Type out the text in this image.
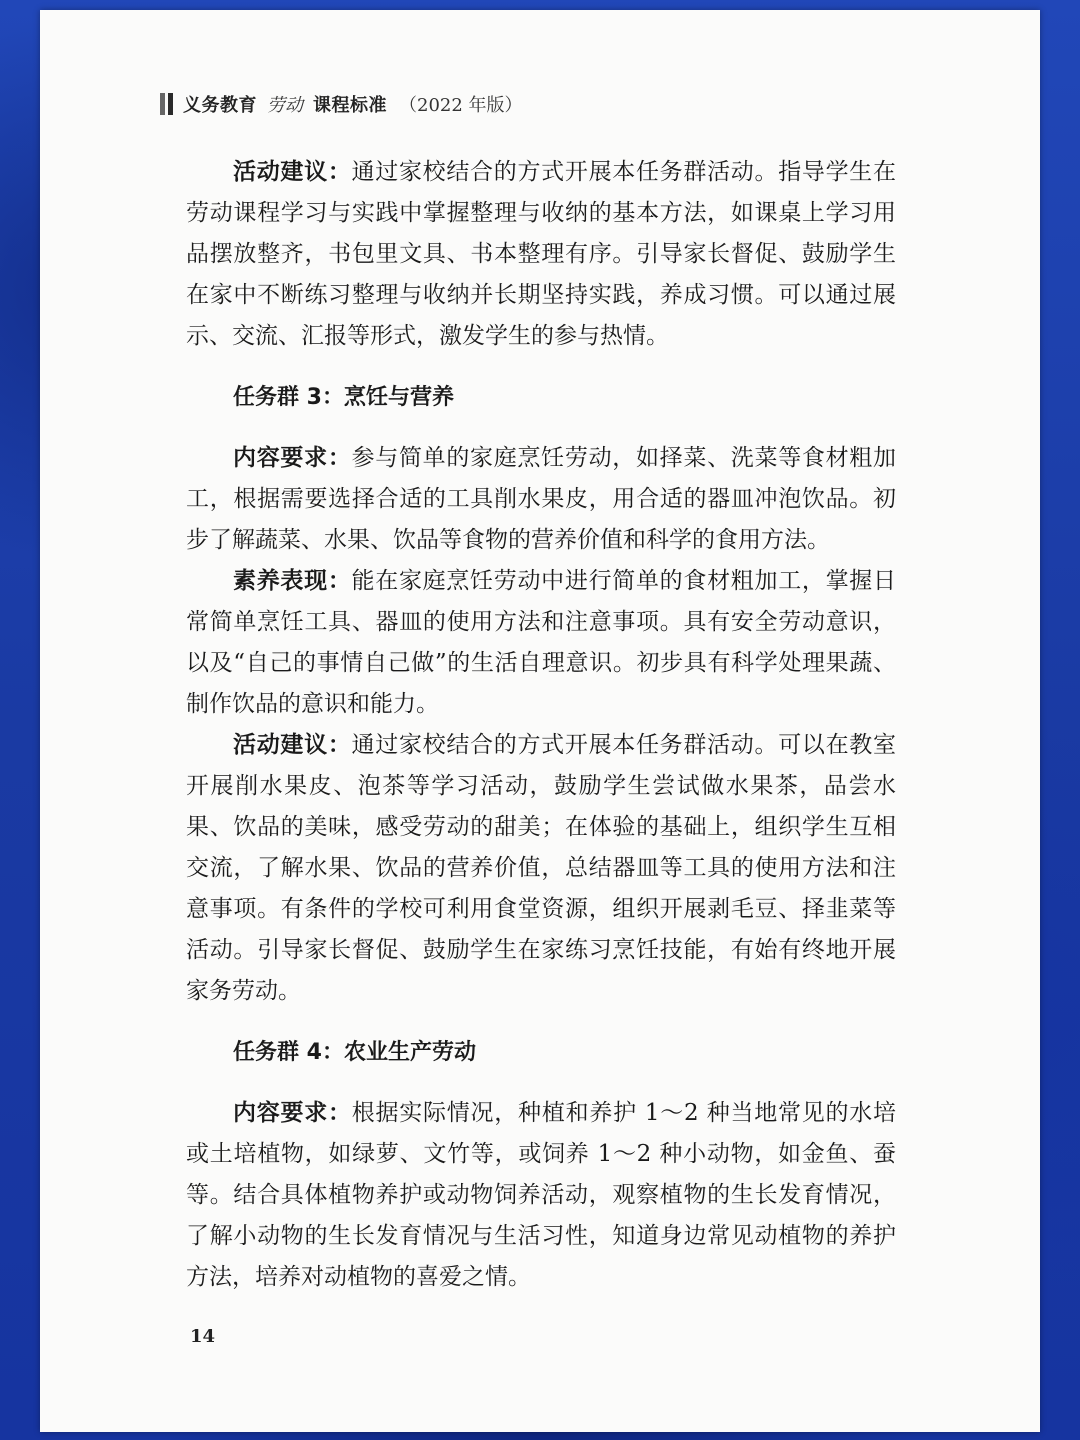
义务教育 劳动 课程标准 （2022 年版）

活动建议：通过家校结合的方式开展本任务群活动。指导学生在劳动课程学习与实践中掌握整理与收纳的基本方法，如课桌上学习用品摆放整齐，书包里文具、书本整理有序。引导家长督促、鼓励学生在家中不断练习整理与收纳并长期坚持实践，养成习惯。可以通过展示、交流、汇报等形式，激发学生的参与热情。

任务群 3：烹饪与营养

内容要求：参与简单的家庭烹饪劳动，如择菜、洗菜等食材粗加工，根据需要选择合适的工具削水果皮，用合适的器皿冲泡饮品。初步了解蔬菜、水果、饮品等食物的营养价值和科学的食用方法。

素养表现：能在家庭烹饪劳动中进行简单的食材粗加工，掌握日常简单烹饪工具、器皿的使用方法和注意事项。具有安全劳动意识，以及“自己的事情自己做”的生活自理意识。初步具有科学处理果蔬、制作饮品的意识和能力。

活动建议：通过家校结合的方式开展本任务群活动。可以在教室开展削水果皮、泡茶等学习活动，鼓励学生尝试做水果茶，品尝水果、饮品的美味，感受劳动的甜美；在体验的基础上，组织学生互相交流，了解水果、饮品的营养价值，总结器皿等工具的使用方法和注意事项。有条件的学校可利用食堂资源，组织开展剥毛豆、择韭菜等活动。引导家长督促、鼓励学生在家练习烹饪技能，有始有终地开展家务劳动。

任务群 4：农业生产劳动

内容要求：根据实际情况，种植和养护 1～2 种当地常见的水培或土培植物，如绿萝、文竹等，或饲养 1～2 种小动物，如金鱼、蚕等。结合具体植物养护或动物饲养活动，观察植物的生长发育情况，了解小动物的生长发育情况与生活习性，知道身边常见动植物的养护方法，培养对动植物的喜爱之情。

14
